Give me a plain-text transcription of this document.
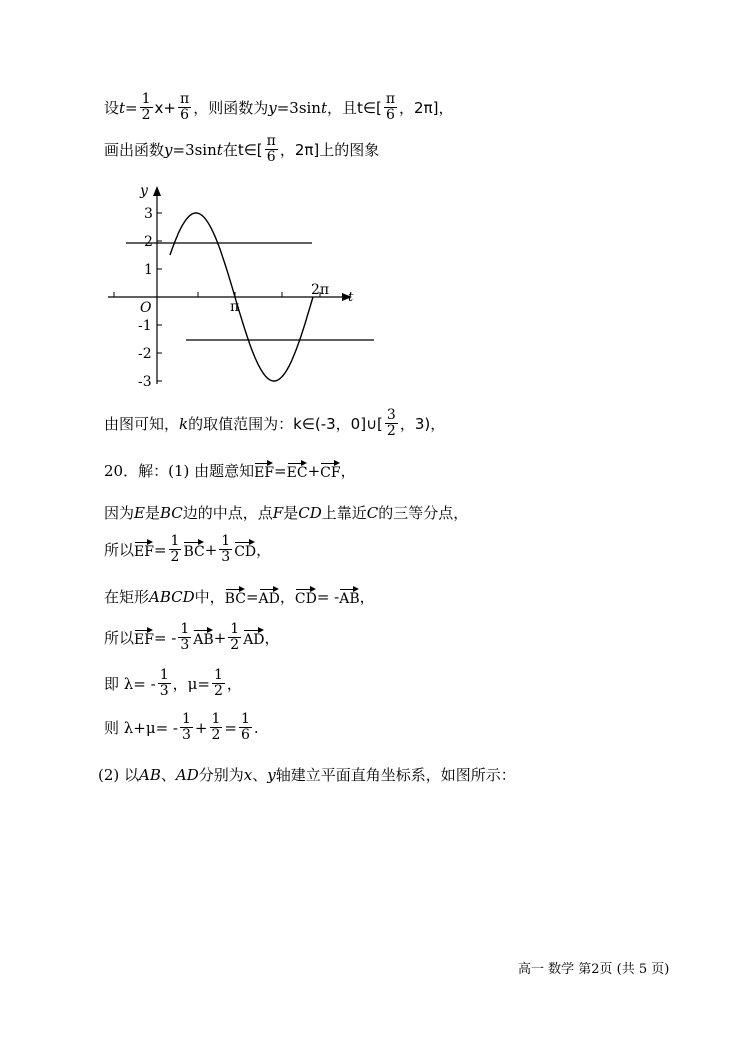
设 $t = \frac{1}{2} x+ \frac{\pi}{6}$ ，则函数为 y =3sin t ，且 t∈[ $\frac{\pi}{6}$ ，2π]，
画出函数 y =3sin t 在 t∈[ $\frac{\pi}{6}$ ，2π]上的图象
y
t
O	π
2π
3
2
1
-1
-2
-3
由图可知， k 的取值范围为： k∈(-3，0]∪[ $\frac{3}{2}$ ，3)，
20．解：(1) 由题意知 EF = EC + CF ，
因为 E 是 BC 边的中点，点 F 是 CD 上靠近 C 的三等分点，
所以 EF = $\frac{1}{2}$ BC + $\frac{1}{3}$ CD ，
在矩形 ABCD 中， BC = AD ， CD = - AB ，
所以 EF = - $\frac{1}{3}$ AB + $\frac{1}{2}$ AD ，
即 $\lambda= - \frac{1}{3}$ ，$\mu= \frac{1}{2}$ ，
则 $\lambda+\mu= - \frac{1}{3} + \frac{1}{2} = \frac{1}{6}$ .
(2) 以 AB 、 AD 分别为 x 、 y 轴建立平面直角坐标系，如图所示：
高一 数学 第2页 (共 5 页)
